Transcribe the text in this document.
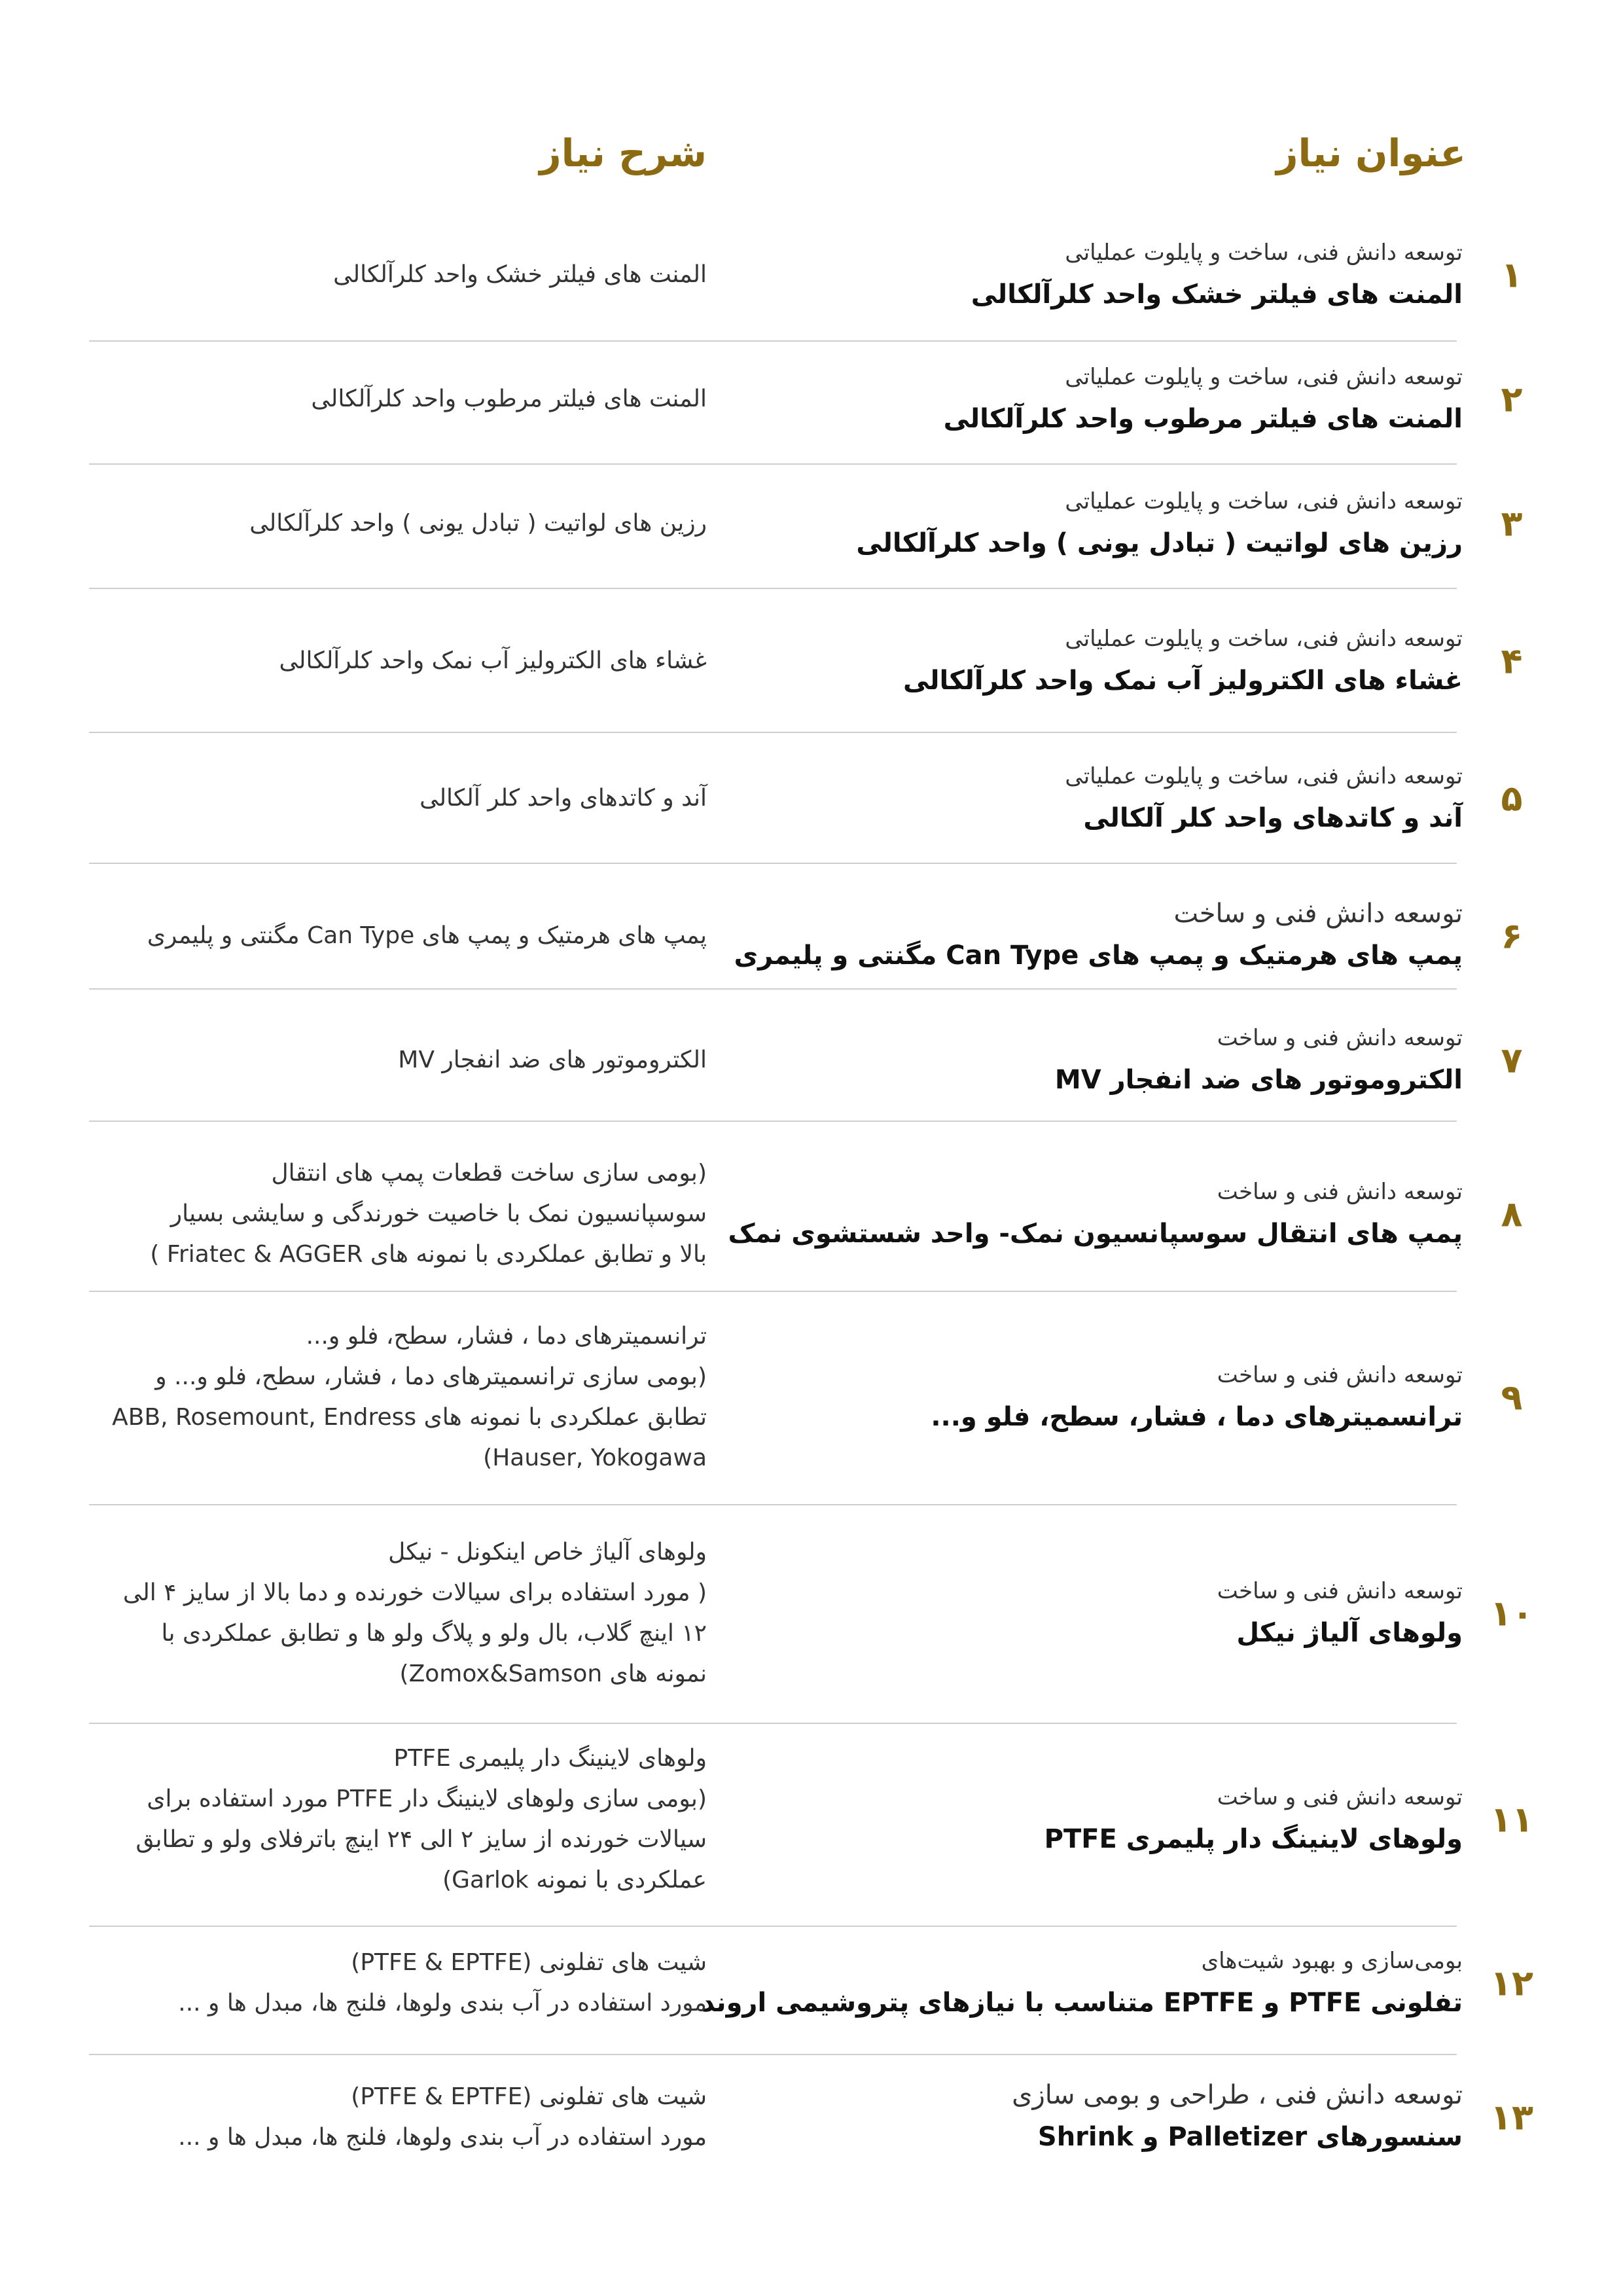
عنوان نیاز
شرح نیاز
۱
توسعه دانش فنی، ساخت و پایلوت عملیاتی
المنت های فیلتر خشک واحد کلرآلکالی
المنت های فیلتر خشک واحد کلرآلکالی
۲
توسعه دانش فنی، ساخت و پایلوت عملیاتی
المنت های فیلتر مرطوب واحد کلرآلکالی
المنت های فیلتر مرطوب واحد کلرآلکالی
۳
توسعه دانش فنی، ساخت و پایلوت عملیاتی
رزین های لواتیت ( تبادل یونی ) واحد کلرآلکالی
رزین های لواتیت ( تبادل یونی ) واحد کلرآلکالی
۴
توسعه دانش فنی، ساخت و پایلوت عملیاتی
غشاء های الکترولیز آب نمک واحد کلرآلکالی
غشاء های الکترولیز آب نمک واحد کلرآلکالی
۵
توسعه دانش فنی، ساخت و پایلوت عملیاتی
آند و کاتدهای واحد کلر آلکالی
آند و کاتدهای واحد کلر آلکالی
۶
توسعه دانش فنی و ساخت
پمپ های هرمتیک و پمپ های Can Type مگنتی و پلیمری
پمپ های هرمتیک و پمپ های Can Type مگنتی و پلیمری
۷
توسعه دانش فنی و ساخت
الکتروموتور های ضد انفجار MV
الکتروموتور های ضد انفجار MV
۸
توسعه دانش فنی و ساخت
پمپ های انتقال سوسپانسیون نمک- واحد شستشوی نمک
(بومی سازی ساخت قطعات پمپ های انتقال
سوسپانسیون نمک با خاصیت خورندگی و سایشی بسیار
بالا و تطابق عملکردی با نمونه های Friatec & AGGER )
۹
توسعه دانش فنی و ساخت
ترانسمیترهای دما ، فشار، سطح، فلو و...
ترانسمیترهای دما ، فشار، سطح، فلو و...
(بومی سازی ترانسمیترهای دما ، فشار، سطح، فلو و... و
تطابق عملکردی با نمونه های ABB, Rosemount, Endress
Hauser, Yokogawa)
۱۰
توسعه دانش فنی و ساخت
ولوهای آلیاژ نیکل
ولوهای آلیاژ خاص اینکونل - نیکل
( مورد استفاده برای سیالات خورنده و دما بالا از سایز ۴ الی
۱۲ اینچ گلاب، بال ولو و پلاگ ولو ها و تطابق عملکردی با
نمونه های Zomox&Samson)
۱۱
توسعه دانش فنی و ساخت
ولوهای لاینینگ دار پلیمری PTFE
ولوهای لاینینگ دار پلیمری PTFE
(بومی سازی ولوهای لاینینگ دار PTFE مورد استفاده برای
سیالات خورنده از سایز ۲ الی ۲۴ اینچ باترفلای ولو و تطابق
عملکردی با نمونه Garlok)
۱۲
بومی‌سازی و بهبود شیت‌های
تفلونی PTFE و EPTFE متناسب با نیازهای پتروشیمی اروند
شیت های تفلونی (PTFE & EPTFE)
مورد استفاده در آب بندی ولوها، فلنج ها، مبدل ها و ...
۱۳
توسعه دانش فنی ، طراحی و بومی سازی
سنسورهای Palletizer و Shrink
شیت های تفلونی (PTFE & EPTFE)
مورد استفاده در آب بندی ولوها، فلنج ها، مبدل ها و ...
